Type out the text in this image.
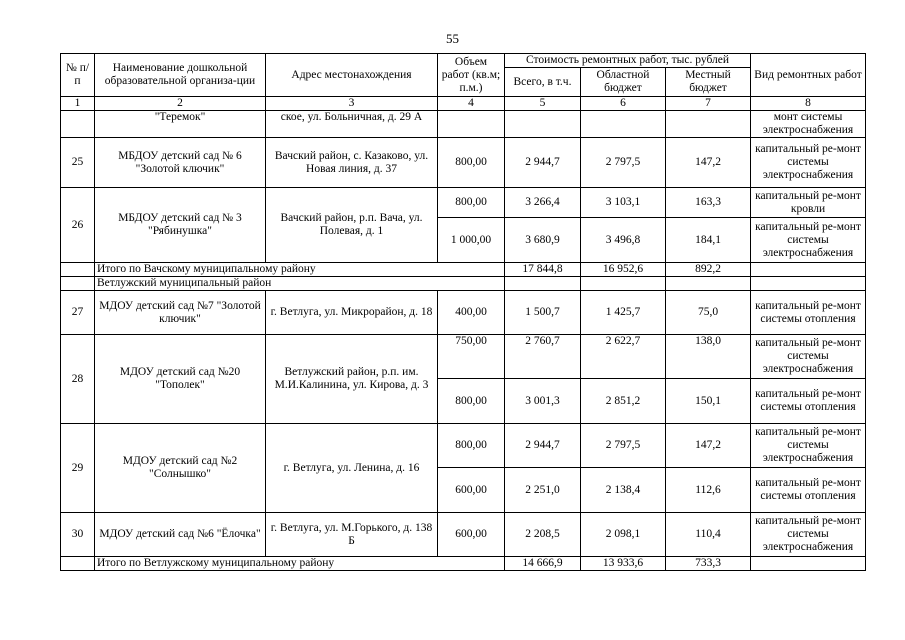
55
№ п/п	Наименование дошкольной образовательной организа-ции	Адрес местонахождения	Объем работ (кв.м; п.м.)	Стоимость ремонтных работ, тыс. рублей			Вид ремонтных работ
				Всего, в т.ч.	Областной бюджет	Местный бюджет	
1	2	3	4	5	6	7	8
	"Теремок"	ское, ул. Больничная, д. 29 А					монт системы электроснабжения
25	МБДОУ детский сад № 6 "Золотой ключик"	Вачский район, с. Казаково, ул. Новая линия, д. 37	800,00	2 944,7	2 797,5	147,2	капитальный ре-монт системы электроснабжения
26	МБДОУ детский сад № 3 "Рябинушка"	Вачский район, р.п. Вача, ул. Полевая, д. 1	800,00	3 266,4	3 103,1	163,3	капитальный ре-монт кровли
			1 000,00	3 680,9	3 496,8	184,1	капитальный ре-монт системы электроснабжения
	Итого по Вачскому муниципальному району			17 844,8	16 952,6	892,2	
	Ветлужский муниципальный район						
27	МДОУ детский сад №7 "Золотой ключик"	г. Ветлуга, ул. Микрорайон, д. 18	400,00	1 500,7	1 425,7	75,0	капитальный ре-монт системы отопления
28	МДОУ детский сад №20 "Тополек"	Ветлужский район, р.п. им. М.И.Калинина, ул. Кирова, д. 3	750,00	2 760,7	2 622,7	138,0	капитальный ре-монт системы электроснабжения
			800,00	3 001,3	2 851,2	150,1	капитальный ре-монт системы отопления
29	МДОУ детский сад №2 "Солнышко"	г. Ветлуга, ул. Ленина, д. 16	800,00	2 944,7	2 797,5	147,2	капитальный ре-монт системы электроснабжения
			600,00	2 251,0	2 138,4	112,6	капитальный ре-монт системы отопления
30	МДОУ детский сад №6 "Ёлочка"	г. Ветлуга, ул. М.Горького, д. 138 Б	600,00	2 208,5	2 098,1	110,4	капитальный ре-монт системы электроснабжения
	Итого по Ветлужскому муниципальному району			14 666,9	13 933,6	733,3	
